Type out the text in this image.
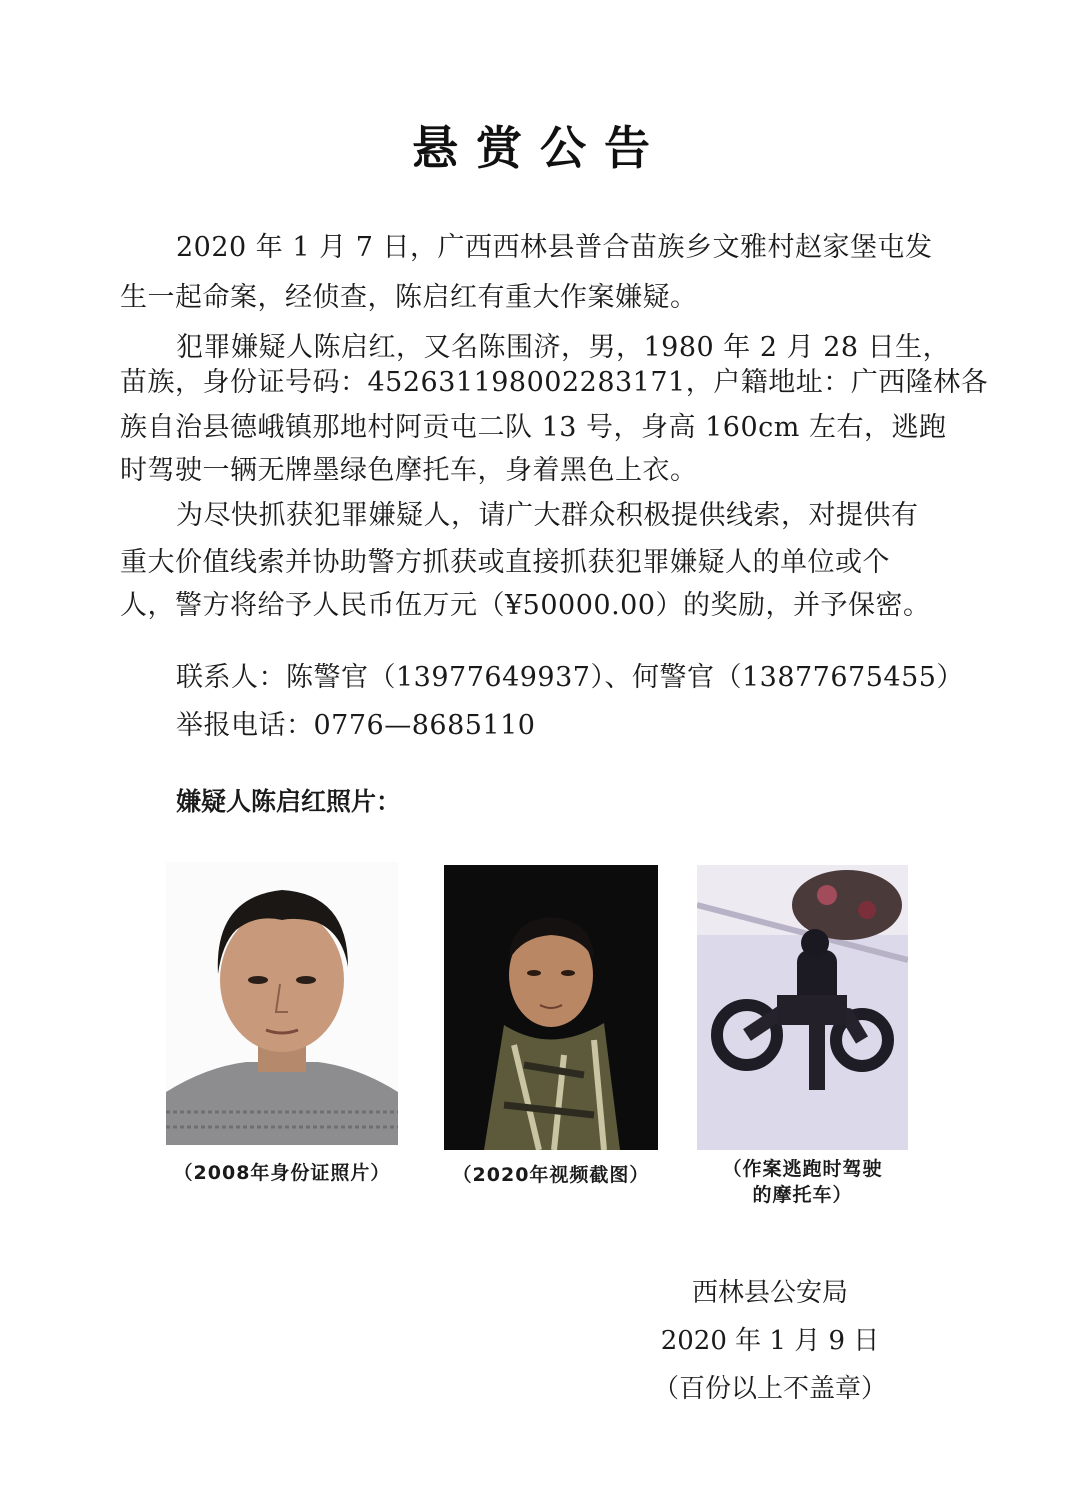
悬赏公告
2020 年 1 月 7 日，广西西林县普合苗族乡文雅村赵家堡屯发
生一起命案，经侦查，陈启红有重大作案嫌疑。
犯罪嫌疑人陈启红，又名陈围济，男，1980 年 2 月 28 日生，
苗族，身份证号码：452631198002283171，户籍地址：广西隆林各
族自治县德峨镇那地村阿贡屯二队 13 号，身高 160cm 左右，逃跑
时驾驶一辆无牌墨绿色摩托车，身着黑色上衣。
为尽快抓获犯罪嫌疑人，请广大群众积极提供线索，对提供有
重大价值线索并协助警方抓获或直接抓获犯罪嫌疑人的单位或个
人，警方将给予人民币伍万元（¥50000.00）的奖励，并予保密。
联系人：陈警官（13977649937）、何警官（13877675455）
举报电话：0776—8685110
嫌疑人陈启红照片：
（2008年身份证照片）	（2020年视频截图）	（作案逃跑时驾驶
的摩托车）
西林县公安局
2020 年 1 月 9 日
（百份以上不盖章）
